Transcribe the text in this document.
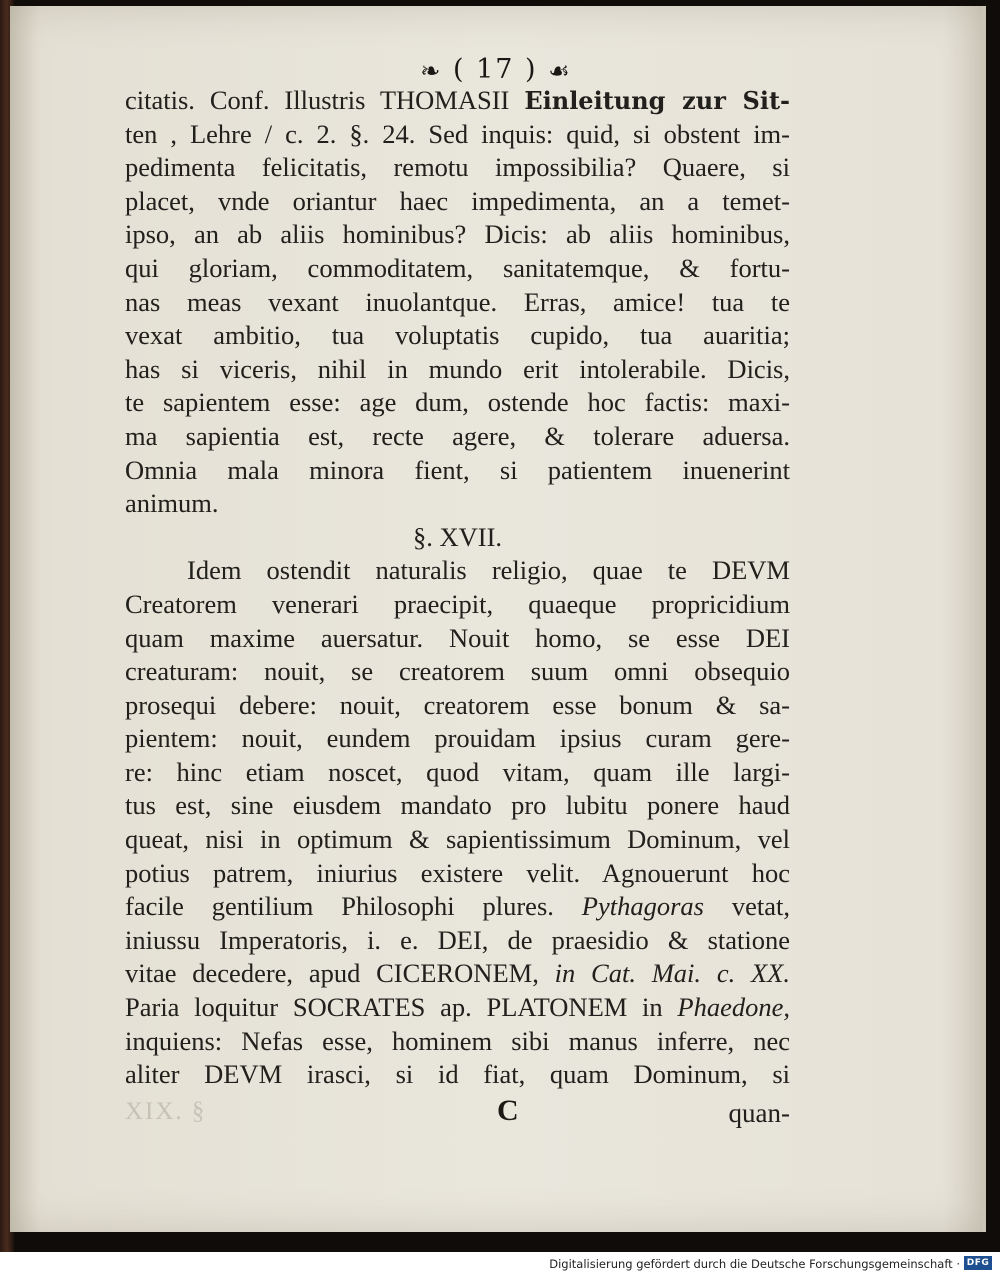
❧ ( 17 ) ☙
citatis. Conf. Illustris THOMASII Einleitung zur Sit-
ten , Lehre / c. 2. §. 24. Sed inquis: quid, si obstent im-
pedimenta felicitatis, remotu impossibilia? Quaere, si
placet, vnde oriantur haec impedimenta, an a temet-
ipso, an ab aliis hominibus? Dicis: ab aliis hominibus,
qui gloriam, commoditatem, sanitatemque, & fortu-
nas meas vexant inuolantque. Erras, amice! tua te
vexat ambitio, tua voluptatis cupido, tua auaritia;
has si viceris, nihil in mundo erit intolerabile. Dicis,
te sapientem esse: age dum, ostende hoc factis: maxi-
ma sapientia est, recte agere, & tolerare aduersa.
Omnia mala minora fient, si patientem inuenerint
animum.
§. XVII.
Idem ostendit naturalis religio, quae te DEVM
Creatorem venerari praecipit, quaeque propricidium
quam maxime auersatur. Nouit homo, se esse DEI
creaturam: nouit, se creatorem suum omni obsequio
prosequi debere: nouit, creatorem esse bonum & sa-
pientem: nouit, eundem prouidam ipsius curam gere-
re: hinc etiam noscet, quod vitam, quam ille largi-
tus est, sine eiusdem mandato pro lubitu ponere haud
queat, nisi in optimum & sapientissimum Dominum, vel
potius patrem, iniurius existere velit. Agnouerunt hoc
facile gentilium Philosophi plures. Pythagoras vetat,
iniussu Imperatoris, i. e. DEI, de praesidio & statione
vitae decedere, apud CICERONEM, in Cat. Mai. c. XX.
Paria loquitur SOCRATES ap. PLATONEM in Phaedone,
inquiens: Nefas esse, hominem sibi manus inferre, nec
aliter DEVM irasci, si id fiat, quam Dominum, si
XIX. §	C	quan-
Digitalisierung gefördert durch die Deutsche Forschungsgemeinschaft · DFG
